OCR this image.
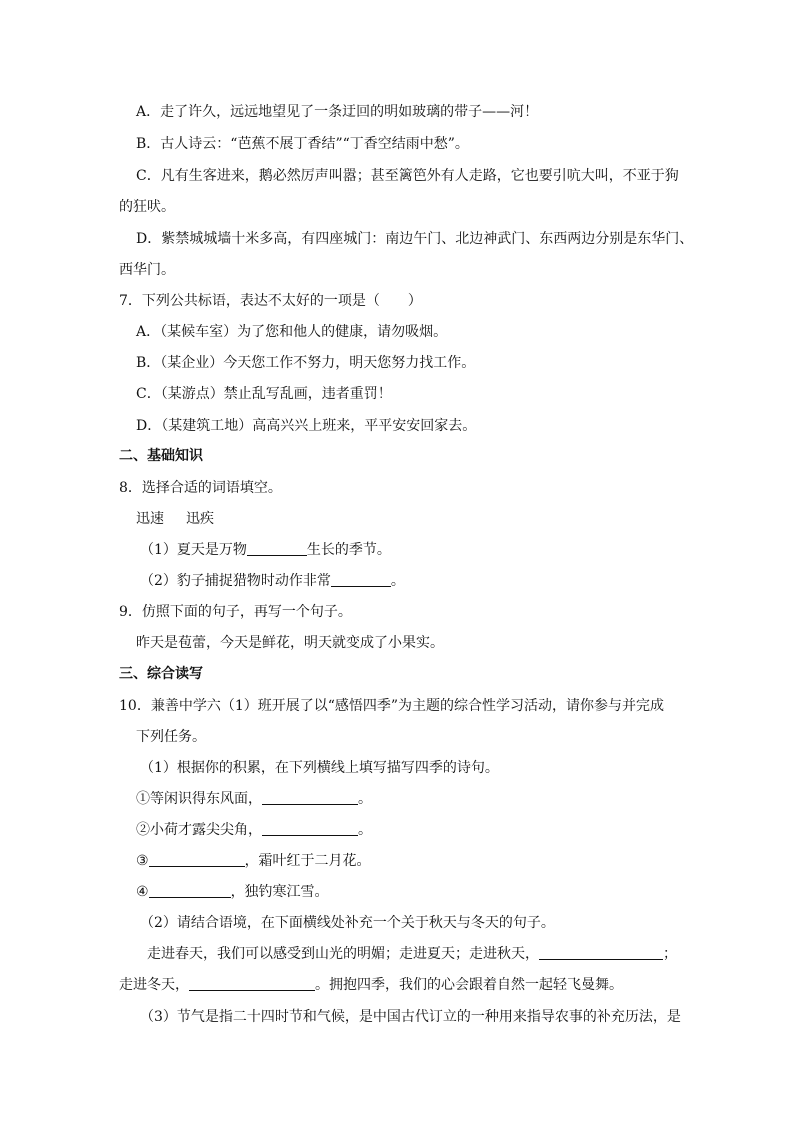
A．走了许久，远远地望见了一条迂回的明如玻璃的带子——河！
B．古人诗云：“芭蕉不展丁香结”“丁香空结雨中愁”。
C．凡有生客进来，鹅必然厉声叫嚣；甚至篱笆外有人走路，它也要引吭大叫，不亚于狗
的狂吠。
D．紫禁城城墙十米多高，有四座城门：南边午门、北边神武门、东西两边分别是东华门、
西华门。
7．下列公共标语，表达不太好的一项是（　　）
A．（某候车室）为了您和他人的健康，请勿吸烟。
B．（某企业）今天您工作不努力，明天您努力找工作。
C．（某游点）禁止乱写乱画，违者重罚！
D．（某建筑工地）高高兴兴上班来，平平安安回家去。
二、基础知识
8．选择合适的词语填空。
迅速 迅疾
（1）夏天是万物	生长的季节。
（2）豹子捕捉猎物时动作非常	。
9．仿照下面的句子，再写一个句子。
昨天是苞蕾，今天是鲜花，明天就变成了小果实。
三、综合读写
10．兼善中学六（1）班开展了以“感悟四季”为主题的综合性学习活动，请你参与并完成
下列任务。
（1）根据你的积累，在下列横线上填写描写四季的诗句。
①等闲识得东风面，	。
②小荷才露尖尖角，	。
③	，霜叶红于二月花。
④	，独钓寒江雪。
（2）请结合语境，在下面横线处补充一个关于秋天与冬天的句子。
走进春天，我们可以感受到山光的明媚；走进夏天；走进秋天，	；
走进冬天，	。拥抱四季，我们的心会跟着自然一起轻飞曼舞。
（3）节气是指二十四时节和气候，是中国古代订立的一种用来指导农事的补充历法，是
